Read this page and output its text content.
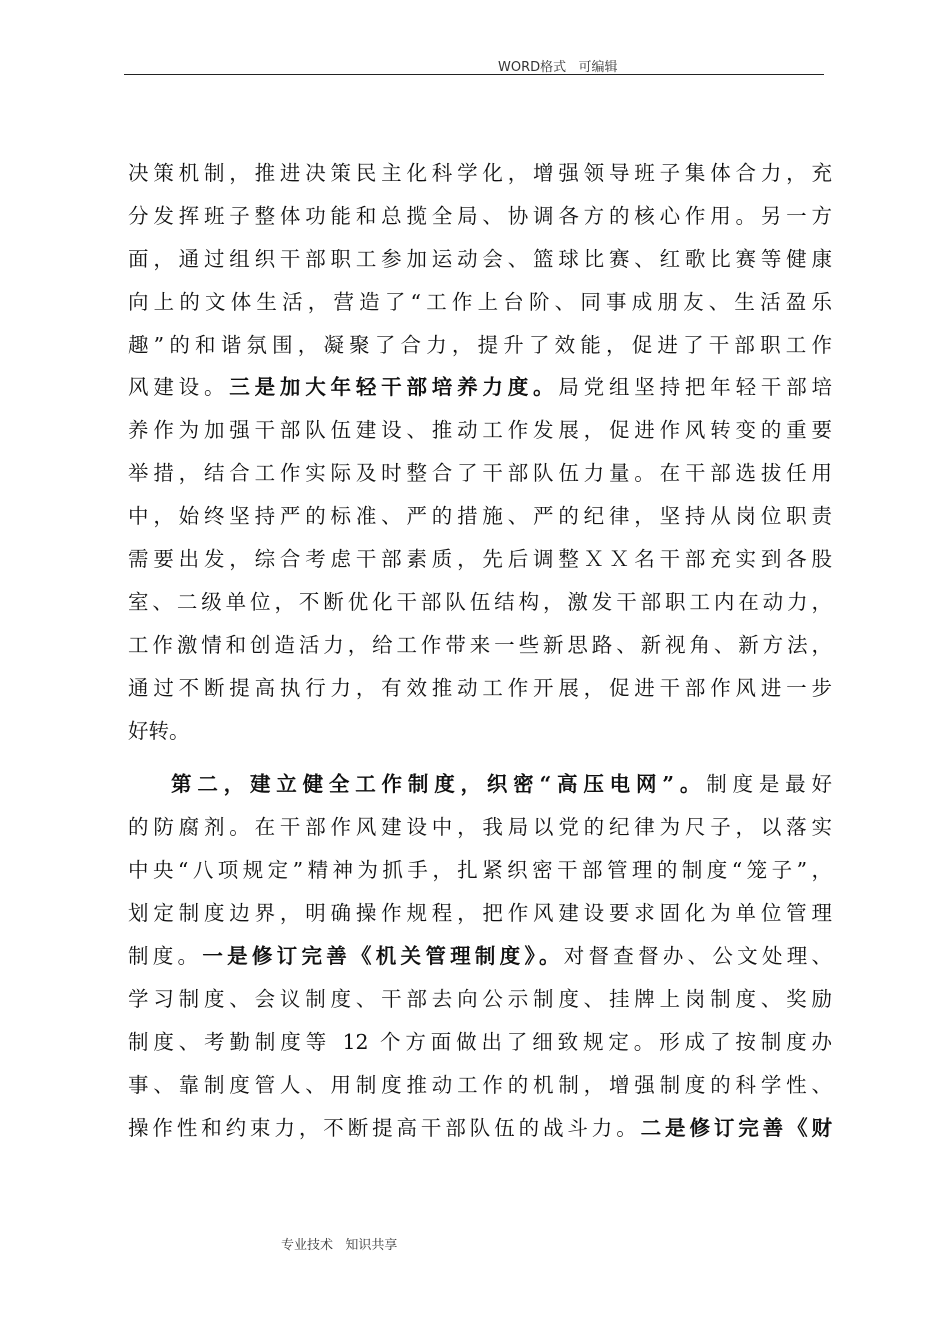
WORD格式   可编辑
决策机制，推进决策民主化科学化，增强领导班子集体合力，充
分发挥班子整体功能和总揽全局、协调各方的核心作用。另一方
面，通过组织干部职工参加运动会、篮球比赛、红歌比赛等健康
向上的文体生活，营造了“工作上台阶、同事成朋友、生活盈乐
趣”的和谐氛围，凝聚了合力，提升了效能，促进了干部职工作
风建设。三是加大年轻干部培养力度。局党组坚持把年轻干部培
养作为加强干部队伍建设、推动工作发展，促进作风转变的重要
举措，结合工作实际及时整合了干部队伍力量。在干部选拔任用
中，始终坚持严的标准、严的措施、严的纪律，坚持从岗位职责
需要出发，综合考虑干部素质，先后调整ＸＸ名干部充实到各股
室、二级单位，不断优化干部队伍结构，激发干部职工内在动力，
工作激情和创造活力，给工作带来一些新思路、新视角、新方法，
通过不断提高执行力，有效推动工作开展，促进干部作风进一步
好转。
第二，建立健全工作制度，织密“高压电网”。制度是最好
的防腐剂。在干部作风建设中，我局以党的纪律为尺子，以落实
中央“八项规定”精神为抓手，扎紧织密干部管理的制度“笼子”，
划定制度边界，明确操作规程，把作风建设要求固化为单位管理
制度。一是修订完善《机关管理制度》。对督查督办、公文处理、
学习制度、会议制度、干部去向公示制度、挂牌上岗制度、奖励
制度、考勤制度等 12 个方面做出了细致规定。形成了按制度办
事、靠制度管人、用制度推动工作的机制，增强制度的科学性、
操作性和约束力，不断提高干部队伍的战斗力。二是修订完善《财
专业技术   知识共享
